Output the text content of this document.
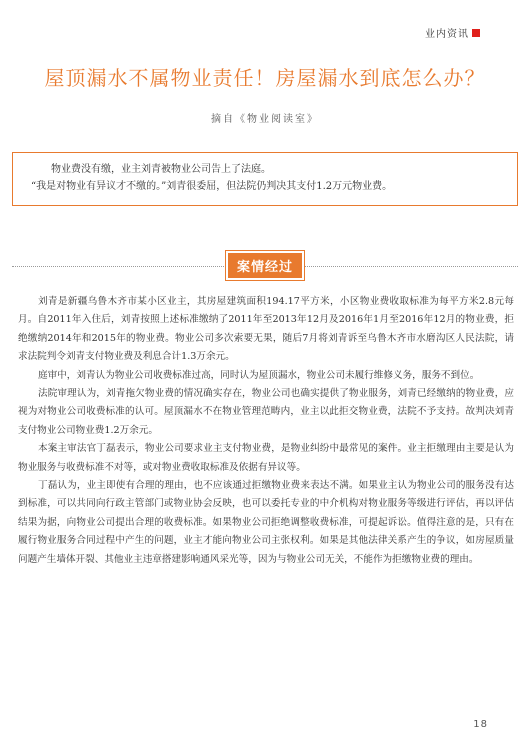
业内资讯
屋顶漏水不属物业责任！房屋漏水到底怎么办？
摘自《物业阅读室》

物业费没有缴，业主刘青被物业公司告上了法庭。

“我是对物业有异议才不缴的。”刘青很委屈，但法院仍判决其支付1.2万元物业费。

案情经过

刘青是新疆乌鲁木齐市某小区业主，其房屋建筑面积194.17平方米，小区物业费收取标准为每平方米2.8元每月。自2011年入住后，刘青按照上述标准缴纳了2011年至2013年12月及2016年1月至2016年12月的物业费，拒绝缴纳2014年和2015年的物业费。物业公司多次索要无果，随后7月将刘青诉至乌鲁木齐市水磨沟区人民法院，请求法院判令刘青支付物业费及利息合计1.3万余元。

庭审中，刘青认为物业公司收费标准过高，同时认为屋顶漏水，物业公司未履行维修义务，服务不到位。

法院审理认为，刘青拖欠物业费的情况确实存在，物业公司也确实提供了物业服务，刘青已经缴纳的物业费，应视为对物业公司收费标准的认可。屋顶漏水不在物业管理范畴内，业主以此拒交物业费，法院不予支持。故判决刘青支付物业公司物业费1.2万余元。

本案主审法官丁磊表示，物业公司要求业主支付物业费，是物业纠纷中最常见的案件。业主拒缴理由主要是认为物业服务与收费标准不对等，或对物业费收取标准及依据有异议等。

丁磊认为，业主即使有合理的理由，也不应该通过拒缴物业费来表达不满。如果业主认为物业公司的服务没有达到标准，可以共同向行政主管部门或物业协会反映，也可以委托专业的中介机构对物业服务等级进行评估，再以评估结果为据，向物业公司提出合理的收费标准。如果物业公司拒绝调整收费标准，可提起诉讼。值得注意的是，只有在履行物业服务合同过程中产生的问题，业主才能向物业公司主张权利。如果是其他法律关系产生的争议，如房屋质量问题产生墙体开裂、其他业主违章搭建影响通风采光等，因为与物业公司无关，不能作为拒缴物业费的理由。

18
